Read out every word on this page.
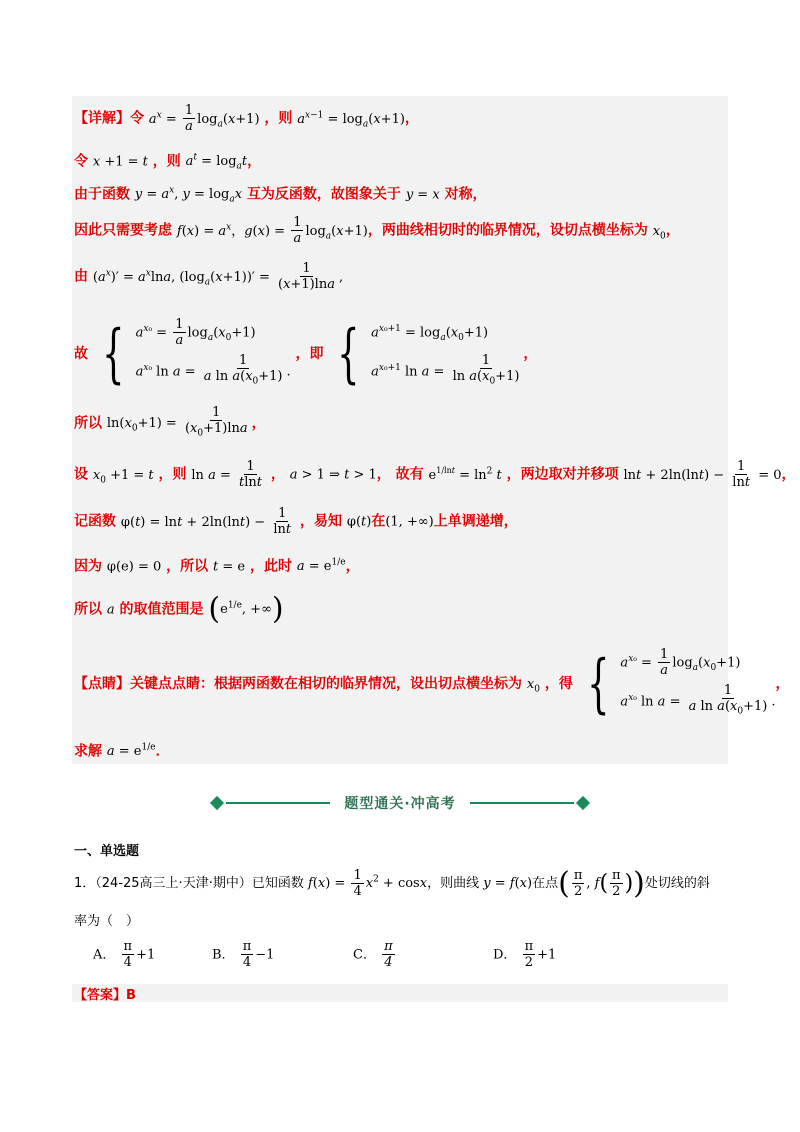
【详解】令 $a^x = \frac{1}{a} \log_a(x+1)$ ，则 $a^{x-1} = \log_a(x+1)$，
令 x +1 = t ，则 $a^t = \log_at$，
由于函数 $y = a^x$, $y = \log_ax$ 互为反函数，故图象关于 y = x 对称，
因此只需要考虑 $f(x) = a^x$，$g(x) = \frac{1}{a} \log_a(x+1)$，两曲线相切时的临界情况，设切点横坐标为 $x_0$，
由 $(a^x)' = a^x\ln a$, $(\log_a(x+1))' = \frac{1}{(x+1)\ln a}$ ,
故 { $a^{x_0} = \frac{1}{a} \log_a(x_0+1)$
$a^{x_0}$ $\ln a = \frac{1}{a \ln a(x_0+1)}$ .
，即 { $a^{x_0+1} = \log_a(x_0+1)$
$a^{x_0+1}$ $\ln a = \frac{1}{\ln a(x_0+1)}$ ，
所以 $\ln(x_0+1) = \frac{1}{(x_0+1)\ln a}$ ，
设 $x_0 +1 = t$ ，则 $\ln a = \frac{1}{tlnt}$ ， a > 1 ⇒ t > 1， 故有 $e^{1/lnt} = \ln^2 t$ ，两边取对并移项 $\ln t + 2\ln(\ln t) - \frac{1}{\ln t} = 0$，
记函数 $\varphi(t) = \ln t + 2\ln(\ln t) - \frac{1}{\ln t}$ ，易知 φ(t)在(1, +∞)上单调递增，
因为 φ(e) = 0 ，所以 t = e ，此时 $a = e^{1/e}$，
所以 a 的取值范围是 ($e^{1/e}$, +∞)
【点睛】关键点点睛：根据两函数在相切的临界情况，设出切点横坐标为 $x_0$ ，得 { $a^{x_0} = \frac{1}{a} \log_a(x_0+1)$
$a^{x_0}$ $\ln a = \frac{1}{a \ln a(x_0+1)}$ .
，
求解 $a = e^{1/e}$．
题型通关·冲高考
一、单选题
1．（24-25高三上·天津·期中）已知函数 $f(x) = \frac{1}{4} x^2 + \cos x$，则曲线 y = f(x)在点( $\frac{\pi}{2}$ , $f( \frac{\pi}{2}$ ))处切线的斜
率为（　）
A． $\frac{\pi}{4} +1$	B． $\frac{\pi}{4} -1$	C． $\frac{\pi}{4}$	D． $\frac{\pi}{2} +1$
【答案】B
